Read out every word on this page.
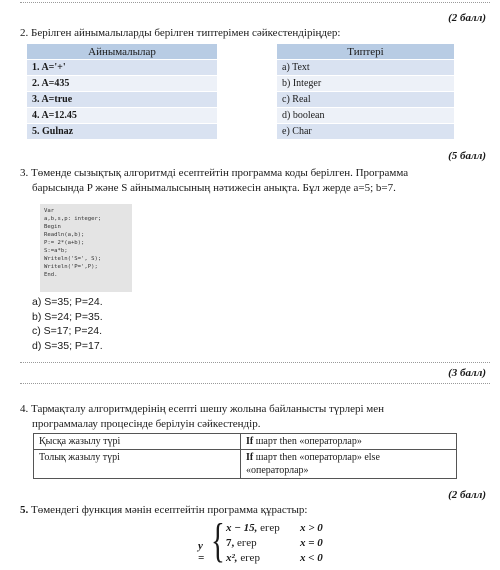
(2 балл)
2. Берілген айнымалыларды берілген типтерімен сәйкестендіріңдер:
Айнымалылар		Типтері
1. A='+'		a) Text
2. A=435		b) Integer
3. A=true		c) Real
4. A=12.45		d) boolean
5. Gulnaz		e) Char
(5 балл)
3. Төменде сызықтық алгоритмді есептейтін программа коды берілген. Программа
барысында P және S айнымалысының нәтижесін анықта. Бұл жерде a=5; b=7.
Var
a,b,s,p: integer;
Begin
Readln(a,b);
P:= 2*(a+b);
S:=a*b;
Writeln('S=', S);
Writeln('P=',P);
End.
a) S=35; P=24.
b) S=24; P=35.
c) S=17; P=24.
d) S=35; P=17.
(3 балл)
4. Тармақталу алгоритмдерінің есепті шешу жолына байланысты түрлері мен
программалау процесінде берілуін сәйкестендір.
Қысқа жазылу түрі	If шарт then «операторлар»
Толық жазылу түрі	If шарт then «операторлар» else
«операторлар»
(2 балл)
5. Төмендегі функция мәнін есептейтін программа құрастыр:
y = { x − 15, егер x > 0
7, егер	x = 0
x², егер	x < 0
